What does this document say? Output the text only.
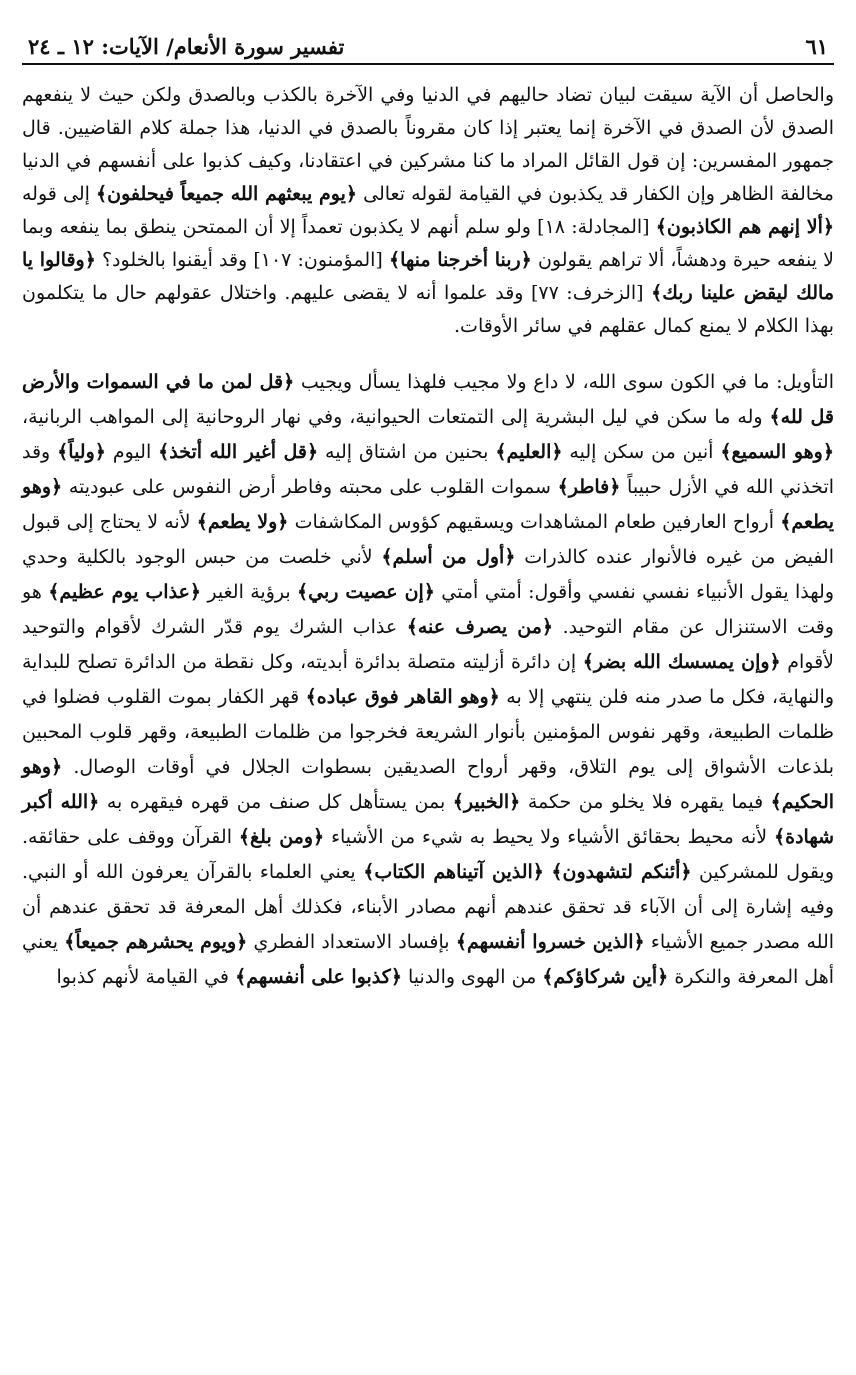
٦١
تفسير سورة الأنعام/ الآيات: ١٢ ـ ٢٤

والحاصل أن الآية سيقت لبيان تضاد حاليهم في الدنيا وفي الآخرة بالكذب وبالصدق ولكن حيث لا ينفعهم الصدق لأن الصدق في الآخرة إنما يعتبر إذا كان مقروناً بالصدق في الدنيا، هذا جملة كلام القاضيين. قال جمهور المفسرين: إن قول القائل المراد ما كنا مشركين في اعتقادنا، وكيف كذبوا على أنفسهم في الدنيا مخالفة الظاهر وإن الكفار قد يكذبون في القيامة لقوله تعالى ﴿يوم يبعثهم الله جميعاً فيحلفون﴾ إلى قوله ﴿ألا إنهم هم الكاذبون﴾ [المجادلة: ١٨] ولو سلم أنهم لا يكذبون تعمداً إلا أن الممتحن ينطق بما ينفعه وبما لا ينفعه حيرة ودهشاً، ألا تراهم يقولون ﴿ربنا أخرجنا منها﴾ [المؤمنون: ١٠٧] وقد أيقنوا بالخلود؟ ﴿وقالوا يا مالك ليقض علينا ربك﴾ [الزخرف: ٧٧] وقد علموا أنه لا يقضى عليهم. واختلال عقولهم حال ما يتكلمون بهذا الكلام لا يمنع كمال عقلهم في سائر الأوقات.

التأويل: ما في الكون سوى الله، لا داع ولا مجيب فلهذا يسأل ويجيب ﴿قل لمن ما في السموات والأرض قل لله﴾ وله ما سكن في ليل البشرية إلى التمتعات الحيوانية، وفي نهار الروحانية إلى المواهب الربانية، ﴿وهو السميع﴾ أنين من سكن إليه ﴿العليم﴾ بحنين من اشتاق إليه ﴿قل أغير الله أتخذ﴾ اليوم ﴿ولياً﴾ وقد اتخذني الله في الأزل حبيباً ﴿فاطر﴾ سموات القلوب على محبته وفاطر أرض النفوس على عبوديته ﴿وهو يطعم﴾ أرواح العارفين طعام المشاهدات ويسقيهم كؤوس المكاشفات ﴿ولا يطعم﴾ لأنه لا يحتاج إلى قبول الفيض من غيره فالأنوار عنده كالذرات ﴿أول من أسلم﴾ لأني خلصت من حبس الوجود بالكلية وحدي ولهذا يقول الأنبياء نفسي نفسي وأقول: أمتي أمتي ﴿إن عصيت ربي﴾ برؤية الغير ﴿عذاب يوم عظيم﴾ هو وقت الاستنزال عن مقام التوحيد. ﴿من يصرف عنه﴾ عذاب الشرك يوم قدّر الشرك لأقوام والتوحيد لأقوام ﴿وإن يمسسك الله بضر﴾ إن دائرة أزليته متصلة بدائرة أبديته، وكل نقطة من الدائرة تصلح للبداية والنهاية، فكل ما صدر منه فلن ينتهي إلا به ﴿وهو القاهر فوق عباده﴾ قهر الكفار بموت القلوب فضلوا في ظلمات الطبيعة، وقهر نفوس المؤمنين بأنوار الشريعة فخرجوا من ظلمات الطبيعة، وقهر قلوب المحبين بلذعات الأشواق إلى يوم التلاق، وقهر أرواح الصديقين بسطوات الجلال في أوقات الوصال. ﴿وهو الحكيم﴾ فيما يقهره فلا يخلو من حكمة ﴿الخبير﴾ بمن يستأهل كل صنف من قهره فيقهره به ﴿الله أكبر شهادة﴾ لأنه محيط بحقائق الأشياء ولا يحيط به شيء من الأشياء ﴿ومن بلغ﴾ القرآن ووقف على حقائقه. ويقول للمشركين ﴿أئنكم لتشهدون﴾ ﴿الذين آتيناهم الكتاب﴾ يعني العلماء بالقرآن يعرفون الله أو النبي. وفيه إشارة إلى أن الآباء قد تحقق عندهم أنهم مصادر الأبناء، فكذلك أهل المعرفة قد تحقق عندهم أن الله مصدر جميع الأشياء ﴿الذين خسروا أنفسهم﴾ بإفساد الاستعداد الفطري ﴿ويوم يحشرهم جميعاً﴾ يعني أهل المعرفة والنكرة ﴿أين شركاؤكم﴾ من الهوى والدنيا ﴿كذبوا على أنفسهم﴾ في القيامة لأنهم كذبوا
